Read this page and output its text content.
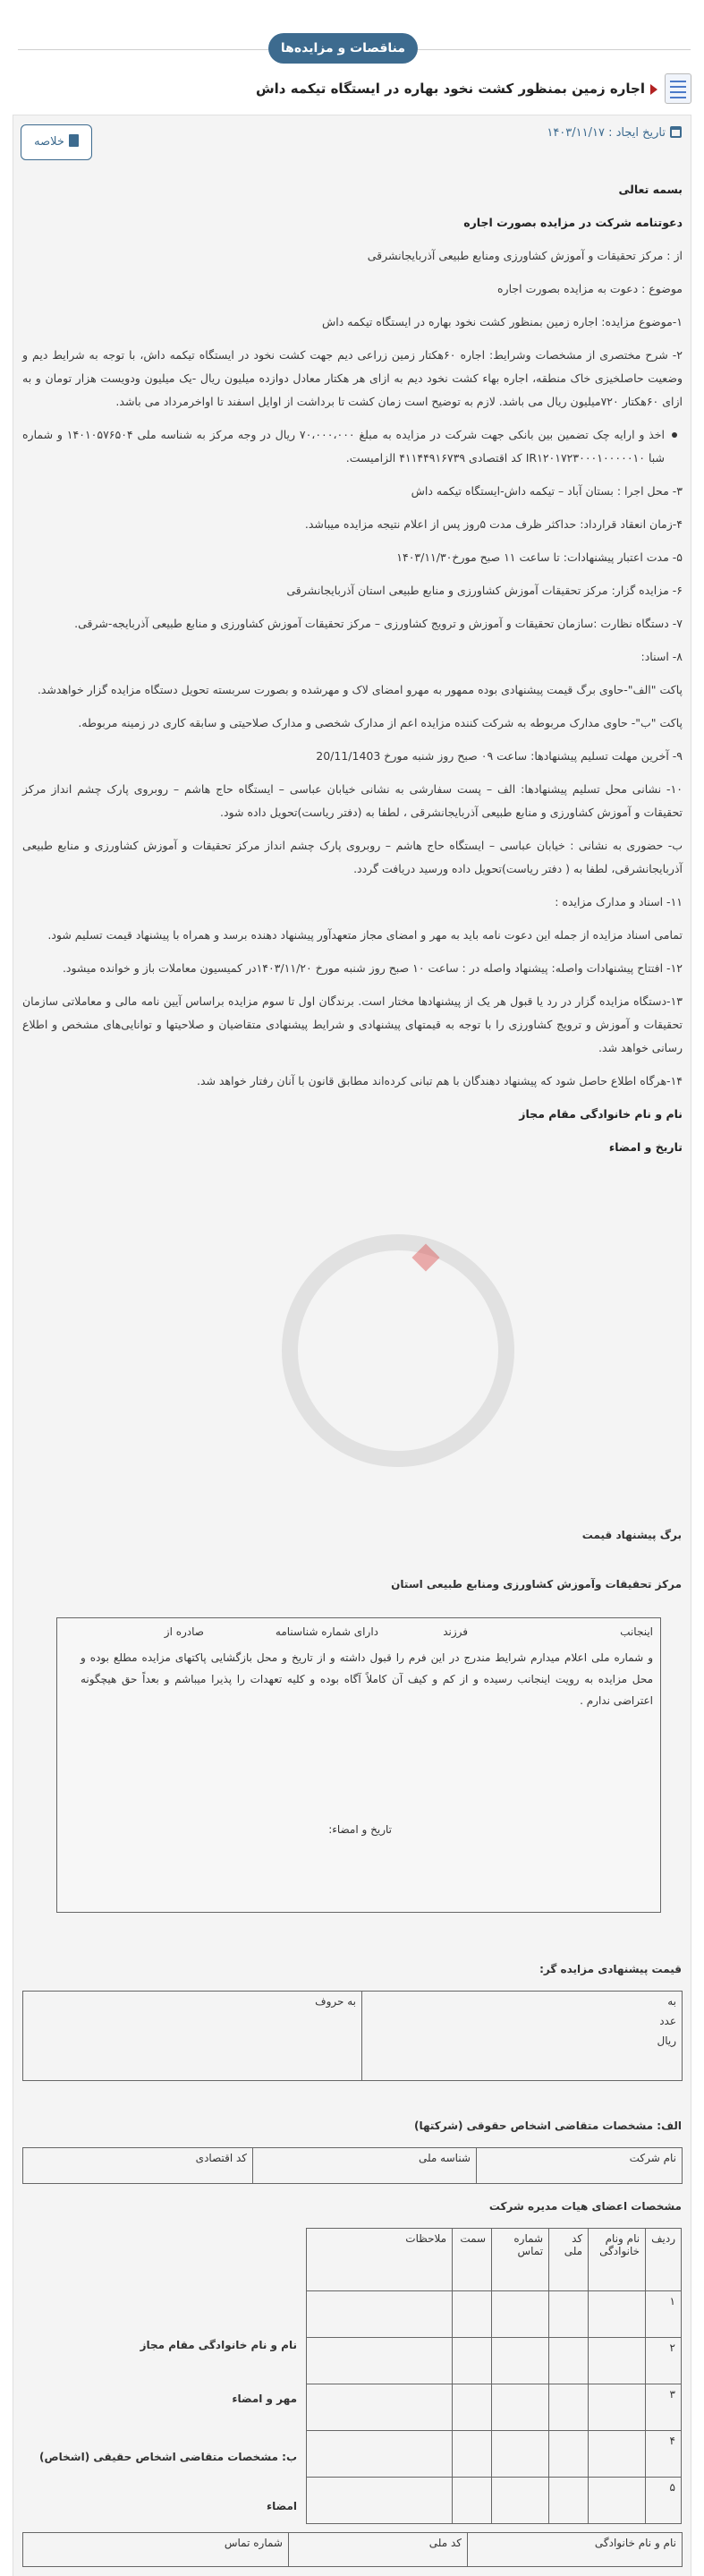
مناقصات و مزایده‌ها
اجاره زمین بمنظور کشت نخود بهاره در ایستگاه تیکمه داش
تاریخ ایجاد : ۱۴۰۳/۱۱/۱۷
خلاصه

بسمه تعالی

دعوتنامه شرکت در مزایده بصورت اجاره

از : مرکز تحقیقات و آموزش کشاورزی ومنابع طبیعی آذربایجانشرقی

موضوع : دعوت به مزایده بصورت اجاره

۱-موضوع مزایده: اجاره زمین بمنظور کشت نخود بهاره در ایستگاه تیکمه داش

۲- شرح مختصری از مشخصات وشرایط: اجاره ۶۰هکتار زمین زراعی دیم جهت کشت نخود در ایستگاه تیکمه داش، با توجه به شرایط دیم و وضعیت حاصلخیزی خاک منطقه، اجاره بهاء کشت نخود دیم به ازای هر هکتار معادل دوازده میلیون ریال -یک میلیون ودویست هزار تومان و به ازای ۶۰هکتار ۷۲۰میلیون ریال می باشد. لازم به توضیح است زمان کشت تا برداشت از اوایل اسفند تا اواخرمرداد می باشد.

اخذ و ارایه چک تضمین بین بانکی جهت شرکت در مزایده به مبلغ ۷۰،۰۰۰،۰۰۰ ریال در وجه مرکز به شناسه ملی ۱۴۰۱۰۵۷۶۵۰۴ و شماره شبا IR۱۲۰۱۷۲۳۰۰۰۱۰۰۰۰۰۱۰ کد اقتصادی ۴۱۱۴۴۹۱۶۷۳۹ الزامیست.

۳- محل اجرا : بستان آباد – تیکمه داش-ایستگاه تیکمه داش

۴-زمان انعقاد قرارداد: حداکثر ظرف مدت ۵روز پس از اعلام نتیجه مزایده میباشد.

۵- مدت اعتبار پیشنهادات: تا ساعت ۱۱ صبح مورخ۱۴۰۳/۱۱/۳۰

۶- مزایده گزار: مرکز تحقیقات آموزش کشاورزی و منابع طبیعی استان آذربایجانشرقی

۷- دستگاه نظارت :سازمان تحقیقات و آموزش و ترویج کشاورزی – مرکز تحقیقات آموزش کشاورزی و منابع طبیعی آذربایجه-شرقی.

۸- اسناد:

پاکت "الف"-حاوی برگ قیمت پیشنهادی بوده ممهور به مهرو امضای لاک و مهرشده و بصورت سربسته تحویل دستگاه مزایده گزار خواهدشد.

پاکت "ب"- حاوی مدارک مربوطه به شرکت کننده مزایده اعم از مدارک شخصی و مدارک صلاحیتی و سابقه کاری در زمینه مربوطه.

۹- آخرین مهلت تسلیم پیشنهادها: ساعت ۰۹ صبح روز شنبه مورخ 20/11/1403

۱۰- نشانی محل تسلیم پیشنهادها: الف – پست سفارشی به نشانی خیابان عباسی – ایستگاه حاج هاشم – روبروی پارک چشم انداز مرکز تحقیقات و آموزش کشاورزی و منابع طبیعی آذربایجانشرقی ، لطفا به (دفتر ریاست)تحویل داده شود.

ب- حضوری به نشانی : خیابان عباسی – ایستگاه حاج هاشم – روبروی پارک چشم انداز مرکز تحقیقات و آموزش کشاورزی و منابع طبیعی آذربایجانشرقی، لطفا به ( دفتر ریاست)تحویل داده ورسید دریافت گردد.

۱۱- اسناد و مدارک مزایده :

تمامی اسناد مزایده از جمله این دعوت نامه باید به مهر و امضای مجاز متعهدآور پیشنهاد دهنده برسد و همراه با پیشنهاد قیمت تسلیم شود.

۱۲- افتتاح پیشنهادات واصله: پیشنهاد واصله در : ساعت ۱۰ صبح روز شنبه مورخ ۱۴۰۳/۱۱/۲۰در کمیسیون معاملات باز و خوانده میشود.

۱۳-دستگاه مزایده گزار در رد یا قبول هر یک از پیشنهادها مختار است. برندگان اول تا سوم مزایده براساس آیین نامه مالی و معاملاتی سازمان تحقیقات و آموزش و ترویج کشاورزی را با توجه به قیمتهای پیشنهادی و شرایط پیشنهادی متقاضیان و صلاحیتها و توانایی‌های مشخص و اطلاع رسانی خواهد شد.

۱۴-هرگاه اطلاع حاصل شود که پیشنهاد دهندگان با هم تبانی کرده‌اند مطابق قانون با آنان رفتار خواهد شد.

نام و نام خانوادگی مقام مجاز

تاریخ و امضاء

برگ پیشنهاد قیمت
مرکز تحقیقات وآموزش کشاورزی ومنابع طبیعی استان
اینجانب
فرزند
دارای شماره شناسنامه
صادره از
و شماره ملی اعلام میدارم شرایط مندرج در این فرم را قبول داشته و از تاریخ و محل بازگشایی پاکتهای مزایده مطلع بوده و محل مزایده به رویت اینجانب رسیده و از کم و کیف آن کاملاً آگاه بوده و کلیه تعهدات را پذیرا میباشم و بعداً حق هیچگونه اعتراضی ندارم .
تاریخ و امضاء:
قیمت پیشنهادی مزایده گر:
به
عدد
ریال
	به حروف
الف: مشخصات متقاضی اشخاص حقوقی (شرکتها)
نام شرکت	شناسه ملی	کد اقتصادی
مشخصات اعضای هیات مدیره شرکت
ردیف	نام ونام خانوادگی	کد ملی	شماره تماس	سمت	ملاحظات
۱					
۲					
۳					
۴					
۵					
نام و نام خانوادگی مقام مجاز
مهر و امضاء
ب: مشخصات متقاضی اشخاص حقیقی (اشخاص)
امضاء
نام و نام خانوادگی	کد ملی	شماره تماس
